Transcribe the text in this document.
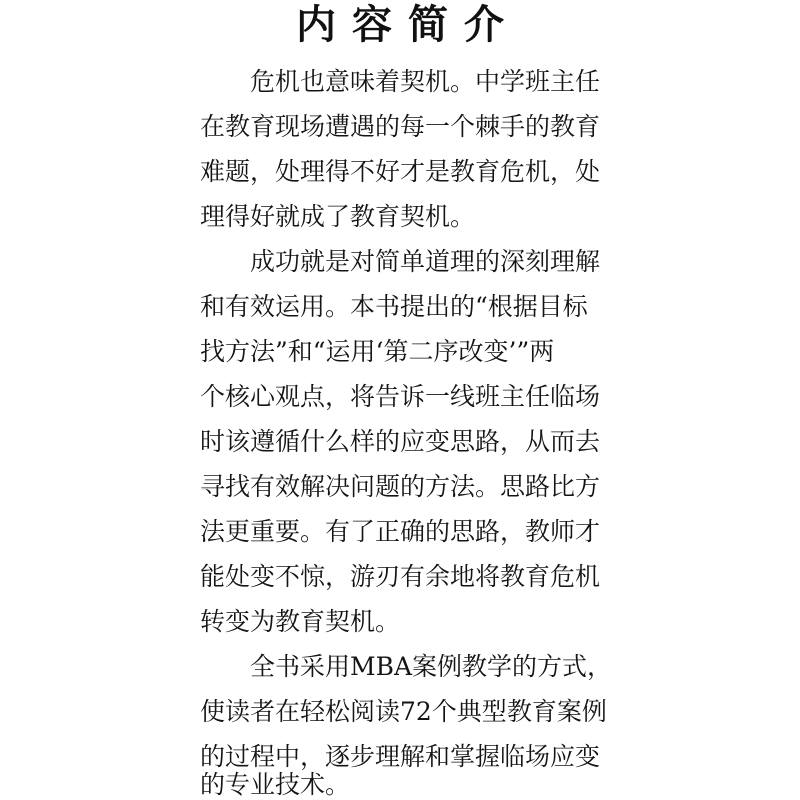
内容简介
危机也意味着契机。中学班主任
在教育现场遭遇的每一个棘手的教育
难题，处理得不好才是教育危机，处
理得好就成了教育契机。
成功就是对简单道理的深刻理解
和有效运用。本书提出的“根据目标
找方法”和“运用‘第二序改变’”两
个核心观点，将告诉一线班主任临场
时该遵循什么样的应变思路，从而去
寻找有效解决问题的方法。思路比方
法更重要。有了正确的思路，教师才
能处变不惊，游刃有余地将教育危机
转变为教育契机。
全书采用MBA案例教学的方式，
使读者在轻松阅读72个典型教育案例
的过程中，逐步理解和掌握临场应变
的专业技术。
